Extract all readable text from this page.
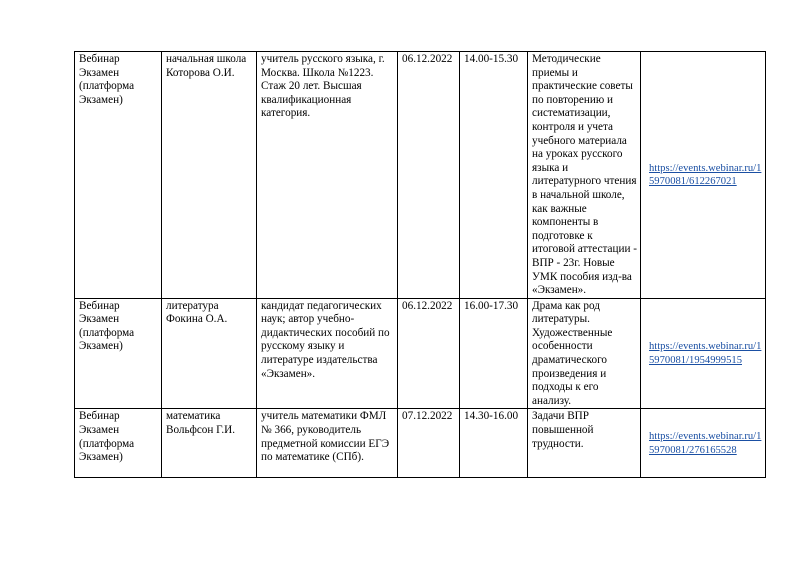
Вебинар Экзамен (платформа Экзамен)	начальная школа Которова О.И.	учитель русского языка, г. Москва. Школа №1223. Стаж 20 лет. Высшая квалификационная категория.	06.12.2022	14.00-15.30	Методические приемы и практические советы по повторению и систематизации, контроля и учета учебного материала на уроках русского языка и литературного чтения в начальной школе, как важные компоненты в подготовке к итоговой аттестации - ВПР - 23г. Новые УМК пособия изд-ва «Экзамен».	https://events.webinar.ru/15970081/612267021
Вебинар Экзамен (платформа Экзамен)	литература Фокина О.А.	кандидат педагогических наук; автор учебно-дидактических пособий по русскому языку и литературе издательства «Экзамен».	06.12.2022	16.00-17.30	Драма как род литературы. Художественные особенности драматического произведения и подходы к его анализу.	https://events.webinar.ru/15970081/1954999515
Вебинар Экзамен (платформа Экзамен)	математика Вольфсон Г.И.	учитель математики ФМЛ № 366, руководитель предметной комиссии ЕГЭ по математике (СПб).	07.12.2022	14.30-16.00	Задачи ВПР повышенной трудности.	https://events.webinar.ru/15970081/276165528
